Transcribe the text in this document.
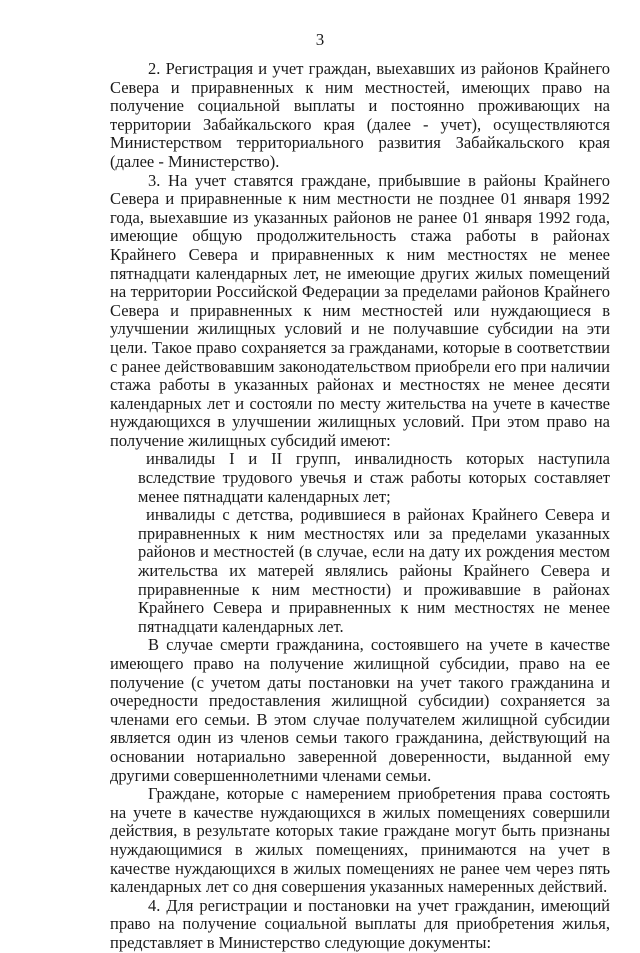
3

2. Регистрация и учет граждан, выехавших из районов Крайнего Севера и приравненных к ним местностей, имеющих право на получение социальной выплаты и постоянно проживающих на территории Забайкальского края (далее - учет), осуществляются Министерством территориального развития Забайкальского края (далее - Министерство).

3. На учет ставятся граждане, прибывшие в районы Крайнего Севера и приравненные к ним местности не позднее 01 января 1992 года, выехавшие из указанных районов не ранее 01 января 1992 года, имеющие общую продолжительность стажа работы в районах Крайнего Севера и приравненных к ним местностях не менее пятнадцати календарных лет, не имеющие других жилых помещений на территории Российской Федерации за пределами районов Крайнего Севера и приравненных к ним местностей или нуждающиеся в улучшении жилищных условий и не получавшие субсидии на эти цели. Такое право сохраняется за гражданами, которые в соответствии с ранее действовавшим законодательством приобрели его при наличии стажа работы в указанных районах и местностях не менее десяти календарных лет и состояли по месту жительства на учете в качестве нуждающихся в улучшении жилищных условий. При этом право на получение жилищных субсидий имеют:

инвалиды I и II групп, инвалидность которых наступила вследствие трудового увечья и стаж работы которых составляет менее пятнадцати календарных лет;

инвалиды с детства, родившиеся в районах Крайнего Севера и приравненных к ним местностях или за пределами указанных районов и местностей (в случае, если на дату их рождения местом жительства их матерей являлись районы Крайнего Севера и приравненные к ним местности) и проживавшие в районах Крайнего Севера и приравненных к ним местностях не менее пятнадцати календарных лет.

В случае смерти гражданина, состоявшего на учете в качестве имеющего право на получение жилищной субсидии, право на ее получение (с учетом даты постановки на учет такого гражданина и очередности предоставления жилищной субсидии) сохраняется за членами его семьи. В этом случае получателем жилищной субсидии является один из членов семьи такого гражданина, действующий на основании нотариально заверенной доверенности, выданной ему другими совершеннолетними членами семьи.

Граждане, которые с намерением приобретения права состоять на учете в качестве нуждающихся в жилых помещениях совершили действия, в результате которых такие граждане могут быть признаны нуждающимися в жилых помещениях, принимаются на учет в качестве нуждающихся в жилых помещениях не ранее чем через пять календарных лет со дня совершения указанных намеренных действий.

4. Для регистрации и постановки на учет гражданин, имеющий право на получение социальной выплаты для приобретения жилья, представляет в Министерство следующие документы:
